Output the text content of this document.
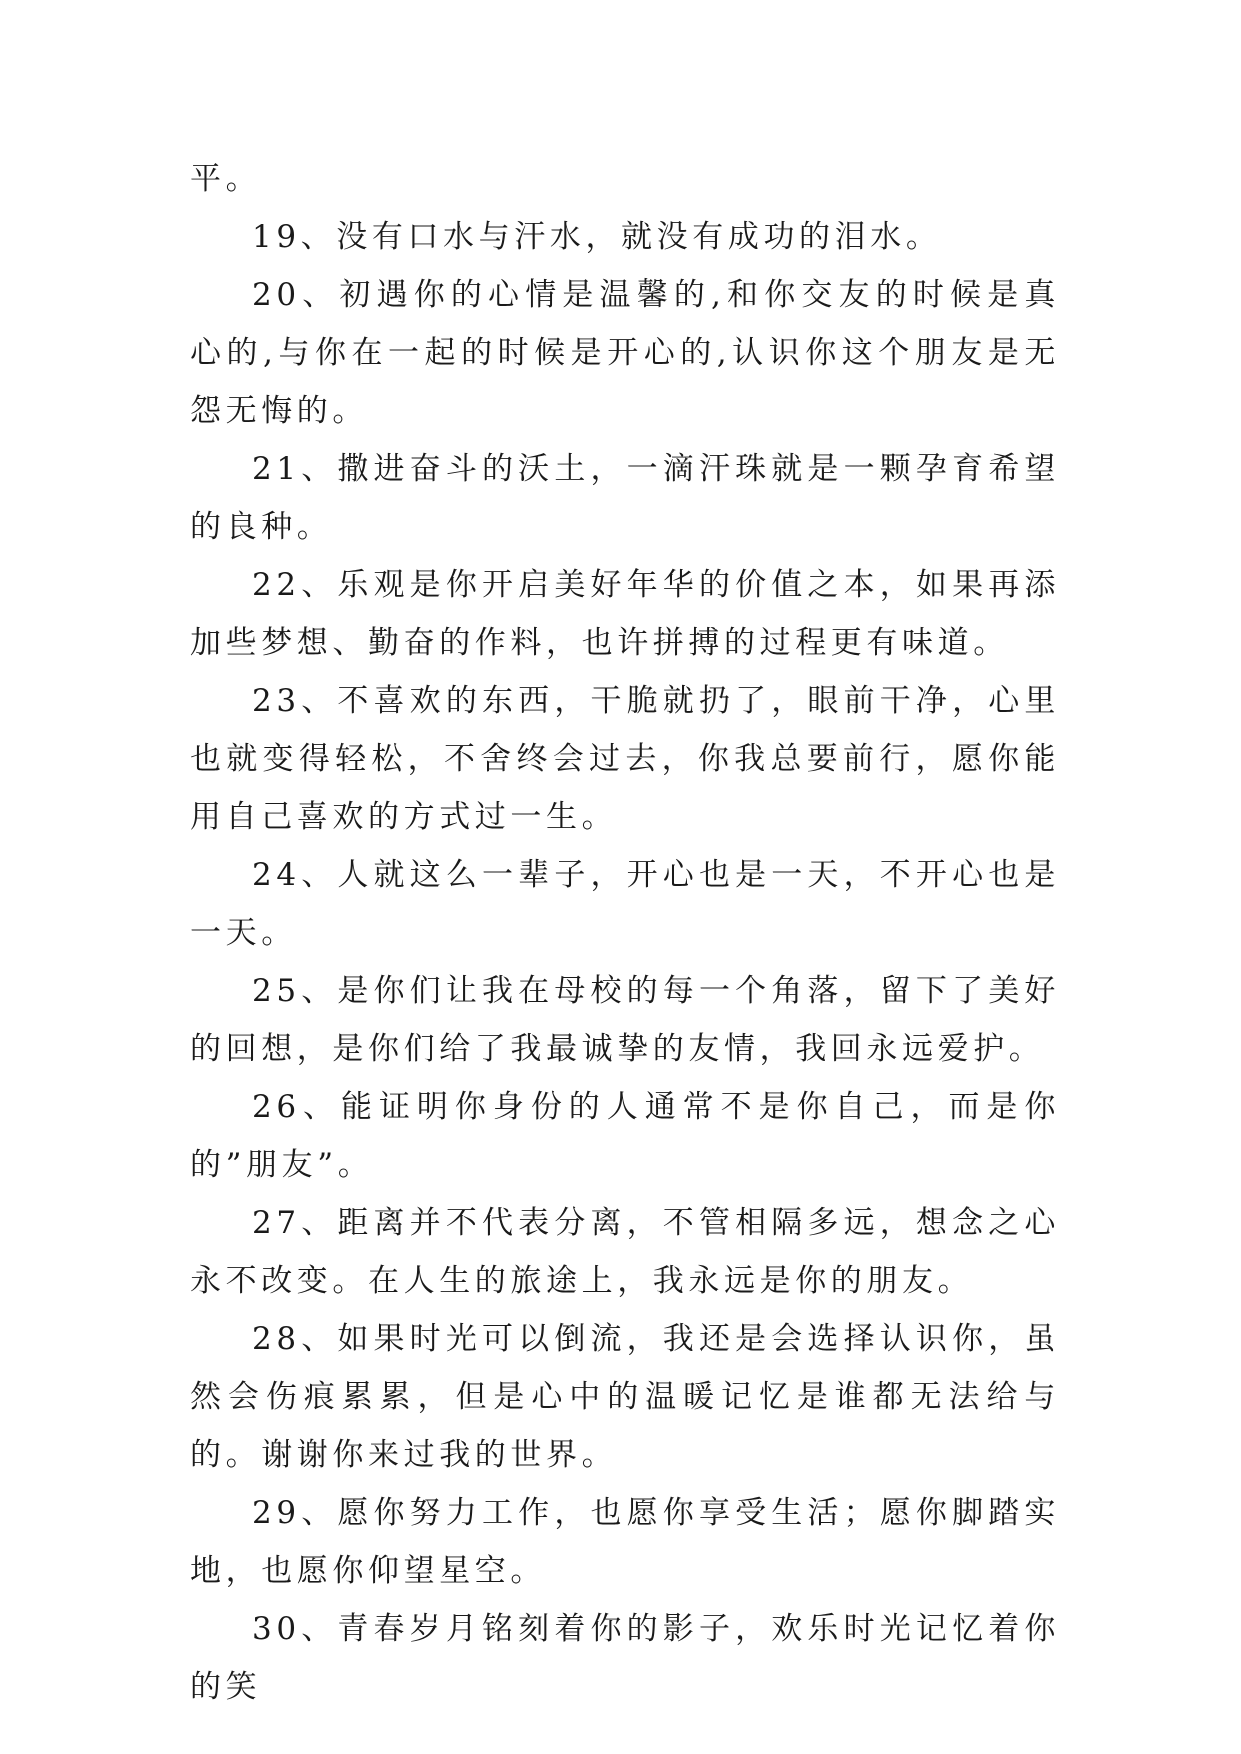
平。

19、没有口水与汗水，就没有成功的泪水。

20、初遇你的心情是温馨的,和你交友的时候是真心的,与你在一起的时候是开心的,认识你这个朋友是无怨无悔的。

21、撒进奋斗的沃土，一滴汗珠就是一颗孕育希望的良种。

22、乐观是你开启美好年华的价值之本，如果再添加些梦想、勤奋的作料，也许拼搏的过程更有味道。

23、不喜欢的东西，干脆就扔了，眼前干净，心里也就变得轻松，不舍终会过去，你我总要前行，愿你能用自己喜欢的方式过一生。

24、人就这么一辈子，开心也是一天，不开心也是一天。

25、是你们让我在母校的每一个角落，留下了美好的回想，是你们给了我最诚挚的友情，我回永远爱护。

26、能证明你身份的人通常不是你自己，而是你的”朋友”。

27、距离并不代表分离，不管相隔多远，想念之心永不改变。在人生的旅途上，我永远是你的朋友。

28、如果时光可以倒流，我还是会选择认识你，虽然会伤痕累累，但是心中的温暖记忆是谁都无法给与的。谢谢你来过我的世界。

29、愿你努力工作，也愿你享受生活；愿你脚踏实地，也愿你仰望星空。

30、青春岁月铭刻着你的影子，欢乐时光记忆着你的笑
